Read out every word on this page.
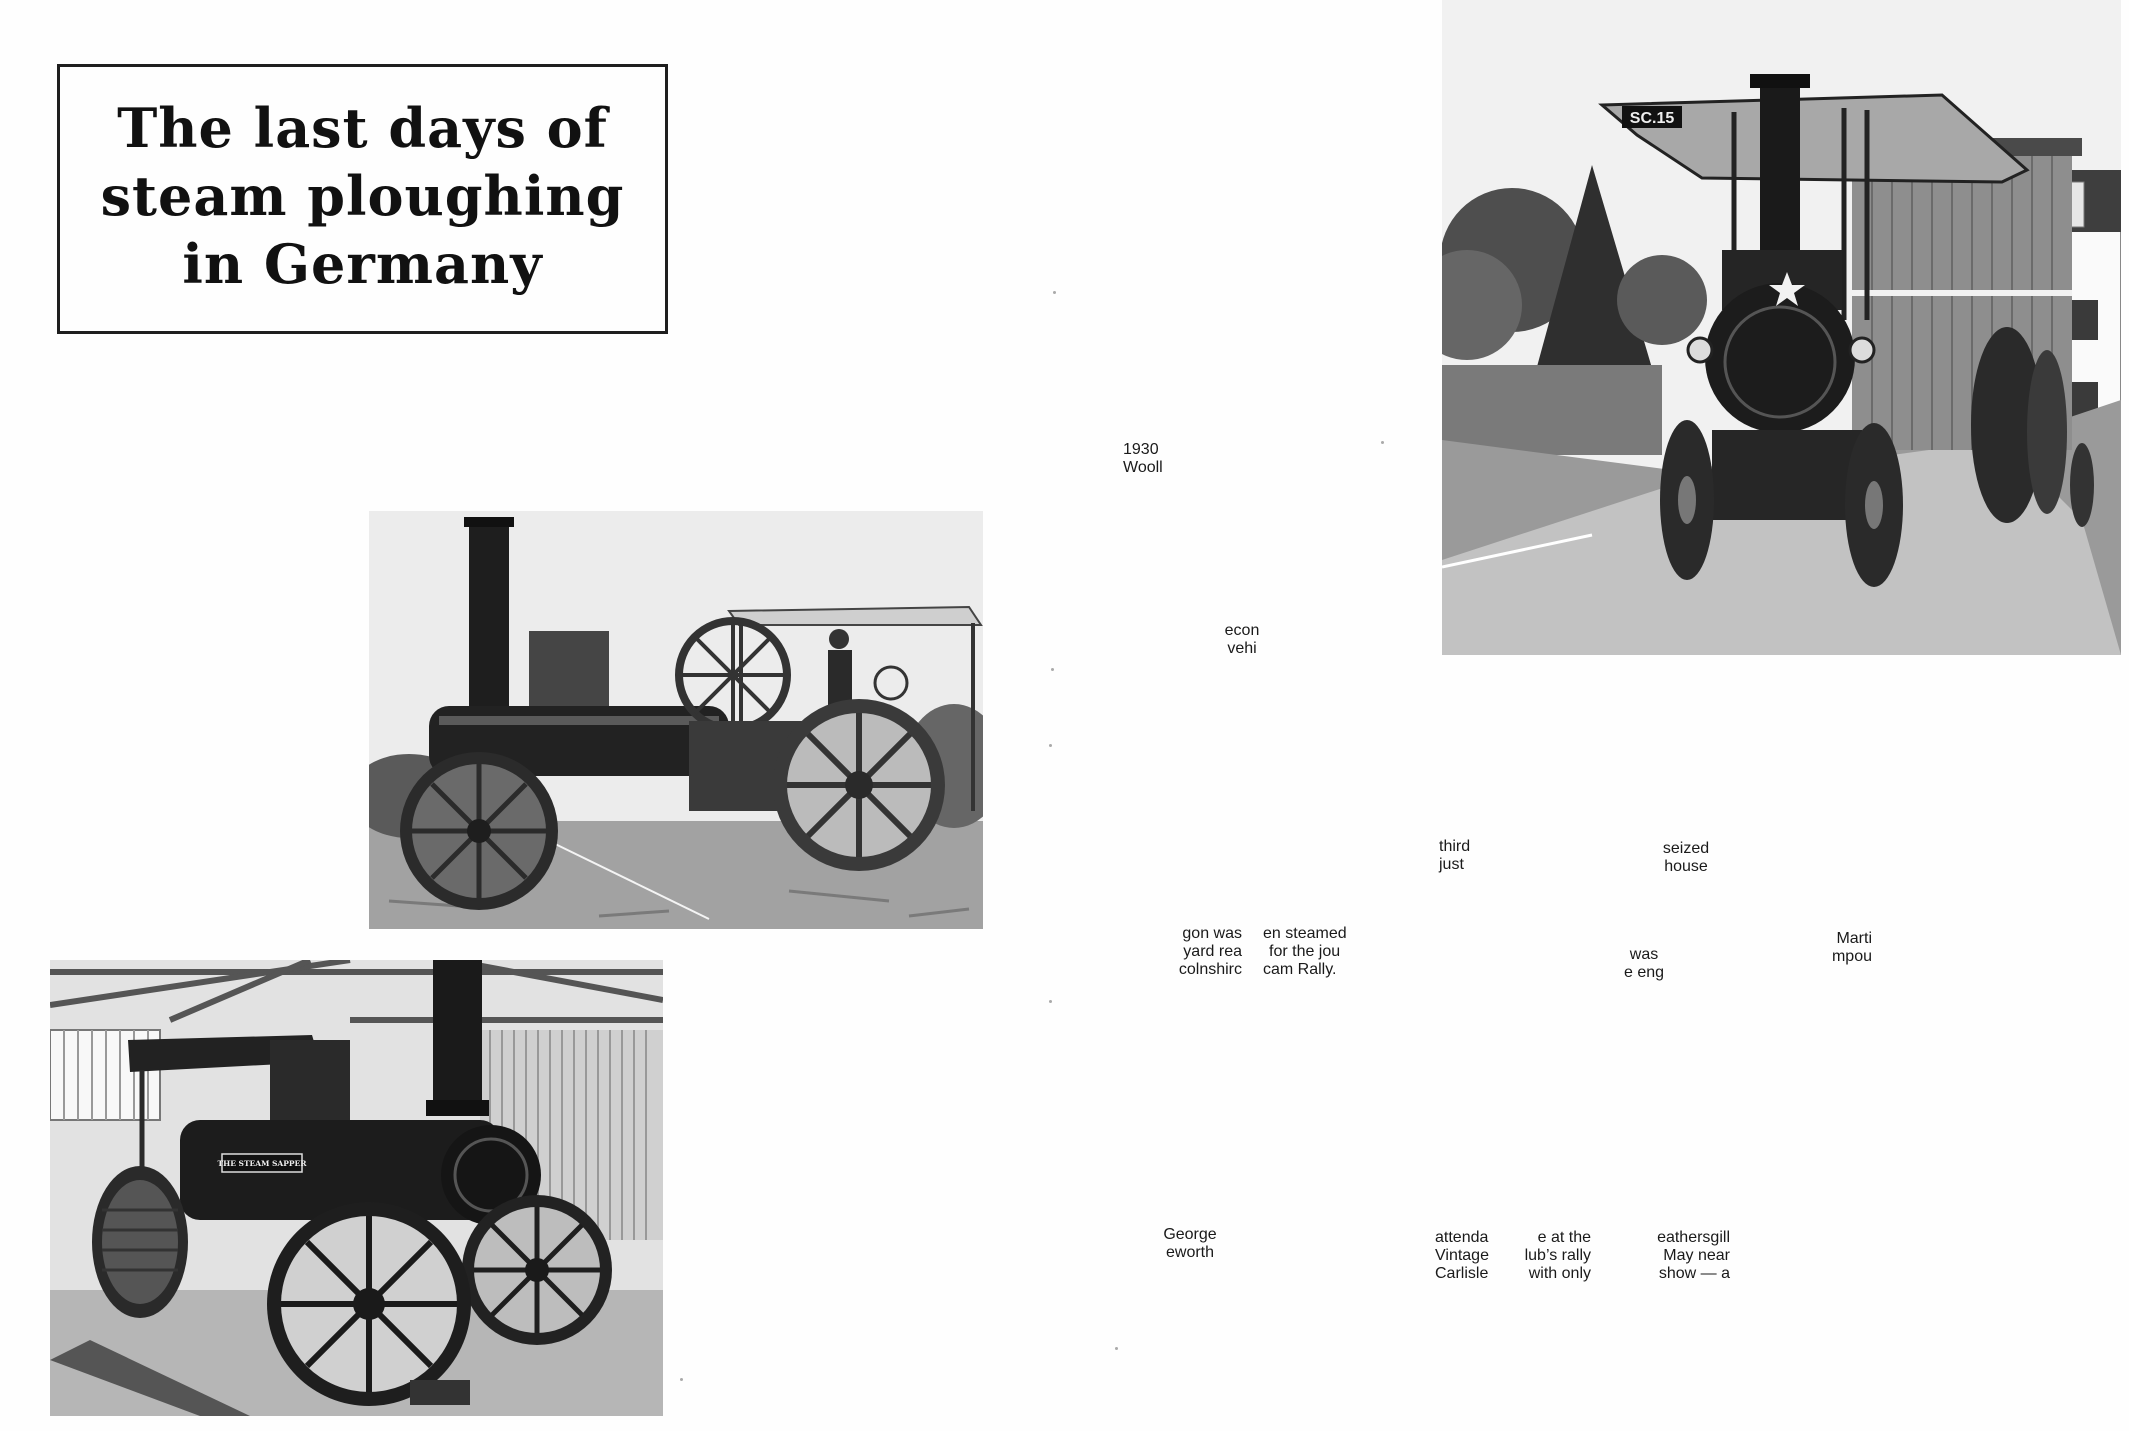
The last days of
steam ploughing
in Germany
SC.15
THE STEAM SAPPER
1930
Wooll
econ
vehi
third
just
seized
house
gon was
yard rea
colnshirc
en steamed
for the jou
cam Rally.
was
e eng
Marti
mpou
George
eworth
attenda
Vintage
Carlisle
e at the
lub’s rally
with only
eathersgill
May near
show — a
